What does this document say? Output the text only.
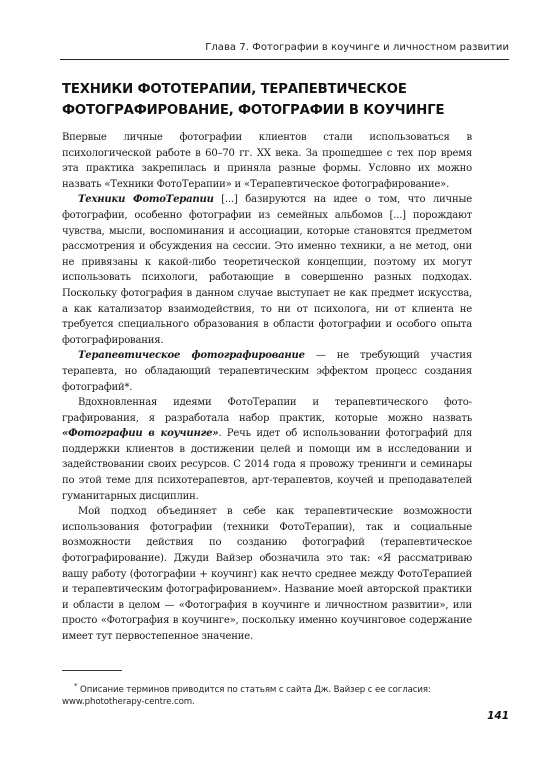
Глава 7. Фотографии в коучинге и личностном развитии
ТЕХНИКИ ФОТОТЕРАПИИ, ТЕРАПЕВТИЧЕСКОЕ
ФОТОГРАФИРОВАНИЕ, ФОТОГРАФИИ В КОУЧИНГЕ

Впервые личные фотографии клиентов стали использоваться в психологической работе в 60–70 гг. XX века. За прошедшее с тех пор время эта практика закрепилась и приняла разные формы. Условно их можно назвать «Техники ФотоТерапии» и «Терапевтическое фотографирование».

Техники ФотоТерапии [...] базируются на идее о том, что личные фотографии, особенно фотографии из семейных альбомов [...] порождают чувства, мысли, воспоминания и ассоциации, которые становятся предметом рассмотрения и обсуждения на сессии. Это именно техники, а не метод, они не привязаны к какой-либо теоретической концепции, поэтому их могут использовать психологи, работающие в совершенно разных подходах. Поскольку фотография в данном случае выступает не как предмет искусства, а как катализатор взаимодействия, то ни от психолога, ни от клиента не требуется специального образования в области фотографии и особого опыта фотографирования.

Терапевтическое фотографирование — не требующий участия терапевта, но обладающий терапевтическим эффектом процесс создания фотографий*.

Вдохновленная идеями ФотоТерапии и терапевтического фотографирования, я разработала набор практик, которые можно назвать «Фотографии в коучинге». Речь идет об использовании фотографий для поддержки клиентов в достижении целей и помощи им в исследовании и задействовании своих ресурсов. С 2014 года я провожу тренинги и семинары по этой теме для психотерапевтов, арт-терапевтов, коучей и преподавателей гуманитарных дисциплин.

Мой подход объединяет в себе как терапевтические возможности использования фотографии (техники ФотоТерапии), так и социальные возможности действия по созданию фотографий (терапевтическое фотографирование). Джуди Вайзер обозначила это так: «Я рассматриваю вашу работу (фотографии + коучинг) как нечто среднее между ФотоТерапией и терапевтическим фотографированием». Название моей авторской практики и области в целом — «Фотография в коучинге и личностном развитии», или просто «Фотография в коучинге», поскольку именно коучинговое содержание имеет тут первостепенное значение.

* Описание терминов приводится по статьям с сайта Дж. Вайзер с ее согласия: www.phototherapy-centre.com.

141
